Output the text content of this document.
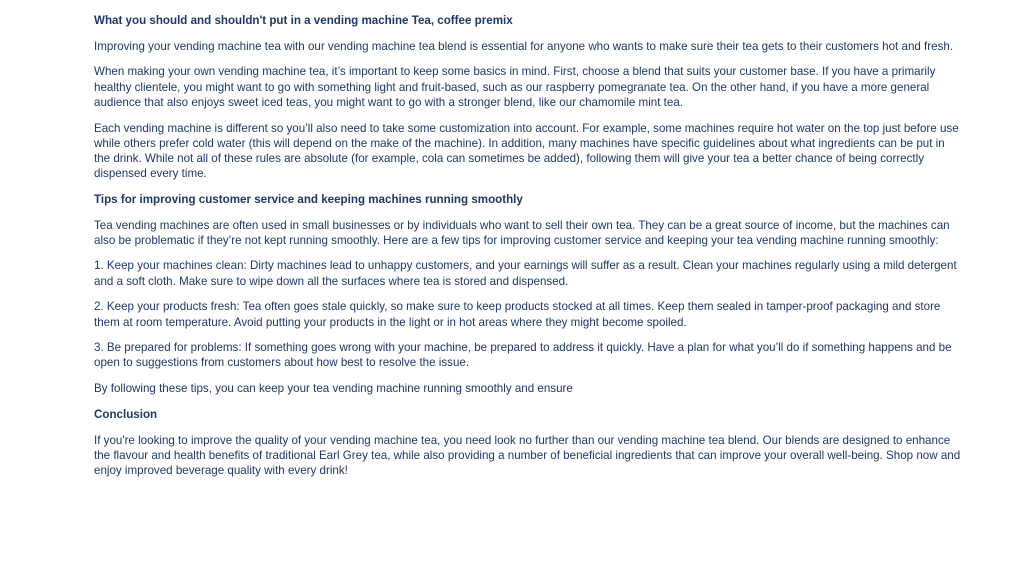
What you should and shouldn't put in a vending machine Tea, coffee premix
Improving your vending machine tea with our vending machine tea blend is essential for anyone who wants to make sure their tea gets to their customers hot and fresh.
When making your own vending machine tea, it’s important to keep some basics in mind. First, choose a blend that suits your customer base. If you have a primarily healthy clientele, you might want to go with something light and fruit-based, such as our raspberry pomegranate tea. On the other hand, if you have a more general audience that also enjoys sweet iced teas, you might want to go with a stronger blend, like our chamomile mint tea.
Each vending machine is different so you’ll also need to take some customization into account. For example, some machines require hot water on the top just before use while others prefer cold water (this will depend on the make of the machine). In addition, many machines have specific guidelines about what ingredients can be put in the drink. While not all of these rules are absolute (for example, cola can sometimes be added), following them will give your tea a better chance of being correctly dispensed every time.
Tips for improving customer service and keeping machines running smoothly
Tea vending machines are often used in small businesses or by individuals who want to sell their own tea. They can be a great source of income, but the machines can also be problematic if they’re not kept running smoothly. Here are a few tips for improving customer service and keeping your tea vending machine running smoothly:
1. Keep your machines clean: Dirty machines lead to unhappy customers, and your earnings will suffer as a result. Clean your machines regularly using a mild detergent and a soft cloth. Make sure to wipe down all the surfaces where tea is stored and dispensed.
2. Keep your products fresh: Tea often goes stale quickly, so make sure to keep products stocked at all times. Keep them sealed in tamper-proof packaging and store them at room temperature. Avoid putting your products in the light or in hot areas where they might become spoiled.
3. Be prepared for problems: If something goes wrong with your machine, be prepared to address it quickly. Have a plan for what you’ll do if something happens and be open to suggestions from customers about how best to resolve the issue.
By following these tips, you can keep your tea vending machine running smoothly and ensure
Conclusion
If you're looking to improve the quality of your vending machine tea, you need look no further than our vending machine tea blend. Our blends are designed to enhance the flavour and health benefits of traditional Earl Grey tea, while also providing a number of beneficial ingredients that can improve your overall well-being. Shop now and enjoy improved beverage quality with every drink!
